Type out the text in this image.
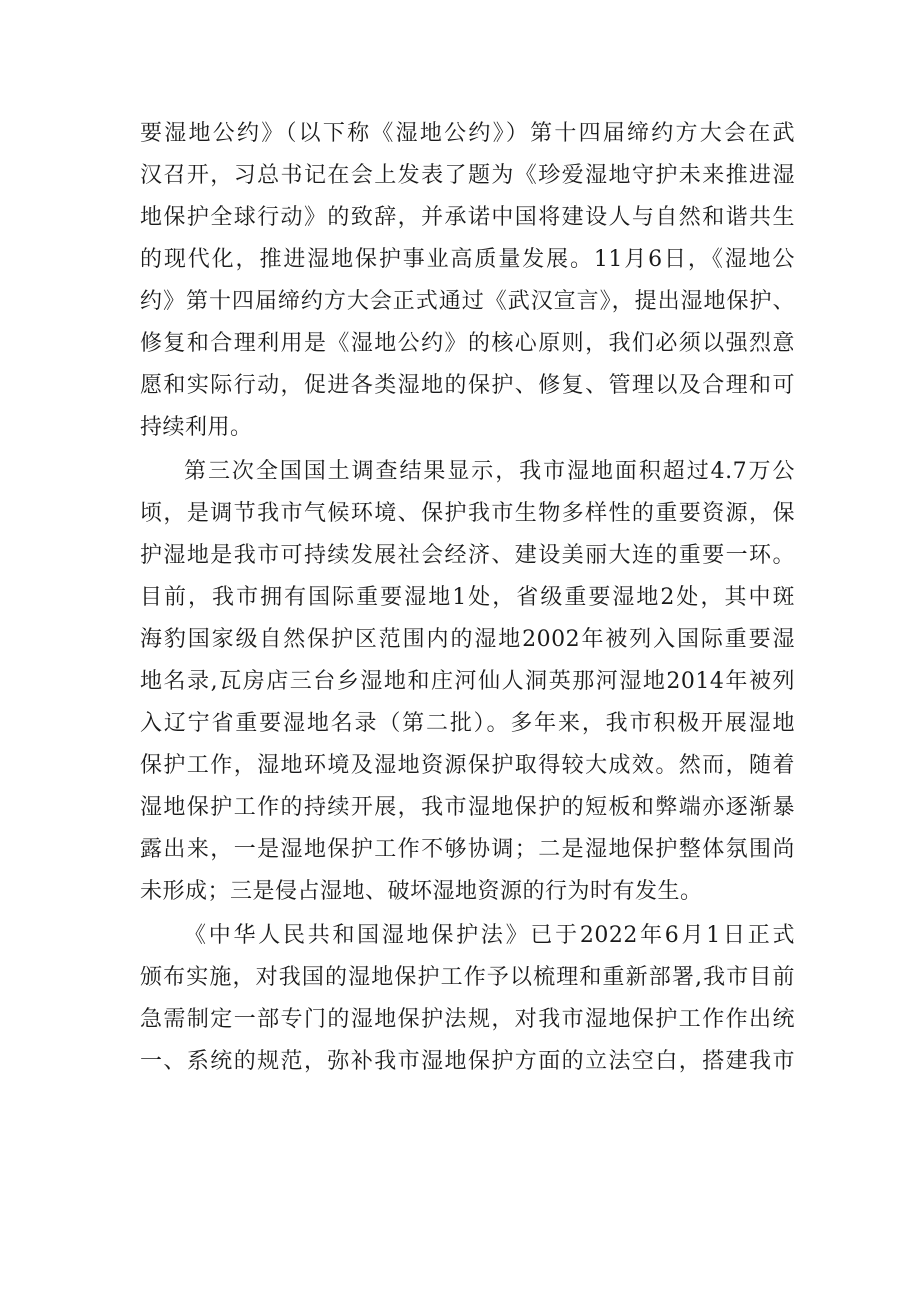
要湿地公约》（以下称《湿地公约》）第十四届缔约方大会在武
汉召开，习总书记在会上发表了题为《珍爱湿地守护未来推进湿
地保护全球行动》的致辞，并承诺中国将建设人与自然和谐共生
的现代化，推进湿地保护事业高质量发展。11月6日，《湿地公
约》第十四届缔约方大会正式通过《武汉宣言》，提出湿地保护、
修复和合理利用是《湿地公约》的核心原则，我们必须以强烈意
愿和实际行动，促进各类湿地的保护、修复、管理以及合理和可
持续利用。
第三次全国国土调查结果显示，我市湿地面积超过4.7万公
顷，是调节我市气候环境、保护我市生物多样性的重要资源，保
护湿地是我市可持续发展社会经济、建设美丽大连的重要一环。
目前，我市拥有国际重要湿地1处，省级重要湿地2处，其中斑
海豹国家级自然保护区范围内的湿地2002年被列入国际重要湿
地名录,瓦房店三台乡湿地和庄河仙人洞英那河湿地2014年被列
入辽宁省重要湿地名录（第二批）。多年来，我市积极开展湿地
保护工作，湿地环境及湿地资源保护取得较大成效。然而，随着
湿地保护工作的持续开展，我市湿地保护的短板和弊端亦逐渐暴
露出来，一是湿地保护工作不够协调；二是湿地保护整体氛围尚
未形成；三是侵占湿地、破坏湿地资源的行为时有发生。
《中华人民共和国湿地保护法》已于2022年6月1日正式
颁布实施，对我国的湿地保护工作予以梳理和重新部署,我市目前
急需制定一部专门的湿地保护法规，对我市湿地保护工作作出统
一、系统的规范，弥补我市湿地保护方面的立法空白，搭建我市
